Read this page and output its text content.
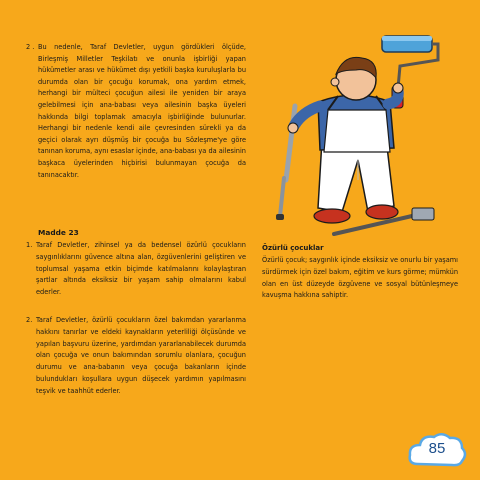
2 . Bu nedenle, Taraf Devletler, uygun gördükleri ölçüde, Birleşmiş Milletler Teşkilatı ve onunla işbirliği yapan hükümetler arası ve hükümet dışı yetkili başka kuruluşlarla bu durumda olan bir çocuğu korumak, ona yardım etmek, herhangi bir mülteci çocuğun ailesi ile yeniden bir araya gelebilmesi için ana-babası veya ailesinin başka üyeleri hakkında bilgi toplamak amacıyla işbirliğinde bulunurlar. Herhangi bir nedenle kendi aile çevresinden sürekli ya da geçici olarak ayrı düşmüş bir çocuğa bu Sözleşme'ye göre tanınan koruma, aynı esaslar içinde, ana-babası ya da ailesinin başkaca üyelerinden hiçbirisi bulunmayan çocuğa da tanınacaktır.
Madde 23
1. Taraf Devletler, zihinsel ya da bedensel özürlü çocukların saygınlıklarını güvence altına alan, özgüvenlerini geliştiren ve toplumsal yaşama etkin biçimde katılmalarını kolaylaştıran şartlar altında eksiksiz bir yaşam sahip olmalarını kabul ederler.
2. Taraf Devletler, özürlü çocukların özel bakımdan yararlanma hakkını tanırlar ve eldeki kaynakların yeterliliği ölçüsünde ve yapılan başvuru üzerine, yardımdan yararlanabilecek durumda olan çocuğa ve onun bakımından sorumlu olanlara, çocuğun durumu ve ana-babanın veya çocuğa bakanların içinde bulundukları koşullara uygun düşecek yardımın yapılmasını teşvik ve taahhüt ederler.
Özürlü çocuklar
Özürlü çocuk; saygınlık içinde eksiksiz ve onurlu bir yaşamı sürdürmek için özel bakım, eğitim ve kurs görme; mümkün olan en üst düzeyde özgüvene ve sosyal bütünleşmeye kavuşma hakkına sahiptir.
85
